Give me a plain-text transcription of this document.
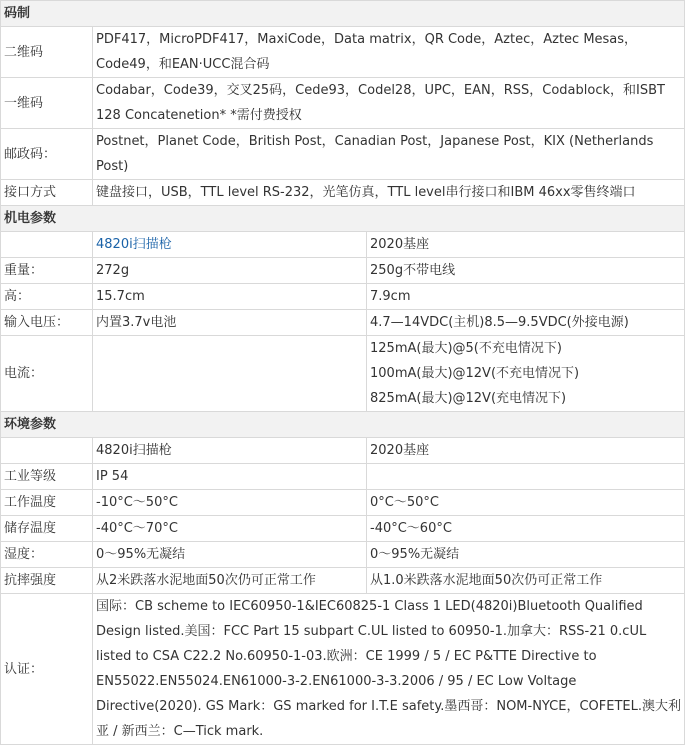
码制		
二维码	PDF417，MicroPDF417，MaxiCode，Data matrix，QR Code，Aztec，Aztec Mesas，Code49，和EAN·UCC混合码	
一维码	Codabar，Code39，交叉25码，Cede93，Codel28，UPC，EAN，RSS，Codablock，和ISBT 128 Concatenetion* *需付费授权	
邮政码：	Postnet，Planet Code，British Post，Canadian Post，Japanese Post，KIX (Netherlands Post)	
接口方式	键盘接口，USB，TTL level RS-232，光笔仿真，TTL level串行接口和IBM 46xx零售终端口	
机电参数		
	4820i扫描枪	2020基座
重量：	272g	250g不带电线
高：	15.7cm	7.9cm
输入电压：	内置3.7v电池	4.7—14VDC(主机)8.5—9.5VDC(外接电源)
电流：		125mA(最大)@5(不充电情况下)
100mA(最大)@12V(不充电情况下)
825mA(最大)@12V(充电情况下)

环境参数		
	4820i扫描枪	2020基座
工业等级	IP 54	
工作温度	-10°C～50°C	0°C～50°C
储存温度	-40°C～70°C	-40°C～60°C
湿度：	0～95%无凝结	0～95%无凝结
抗摔强度	从2米跌落水泥地面50次仍可正常工作	从1.0米跌落水泥地面50次仍可正常工作
认证：	国际：CB scheme to IEC60950-1&IEC60825-1 Class 1 LED(4820i)Bluetooth Qualified Design listed.美国：FCC Part 15 subpart C.UL listed to 60950-1.加拿大：RSS-21 0.cUL listed to CSA C22.2 No.60950-1-03.欧洲：CE 1999 / 5 / EC P&TTE Directive to EN55022.EN55024.EN61000-3-2.EN61000-3-3.2006 / 95 / EC Low Voltage Directive(2020). GS Mark：GS marked for I.T.E safety.墨西哥：NOM-NYCE，COFETEL.澳大利亚 / 新西兰：C—Tick mark.	
